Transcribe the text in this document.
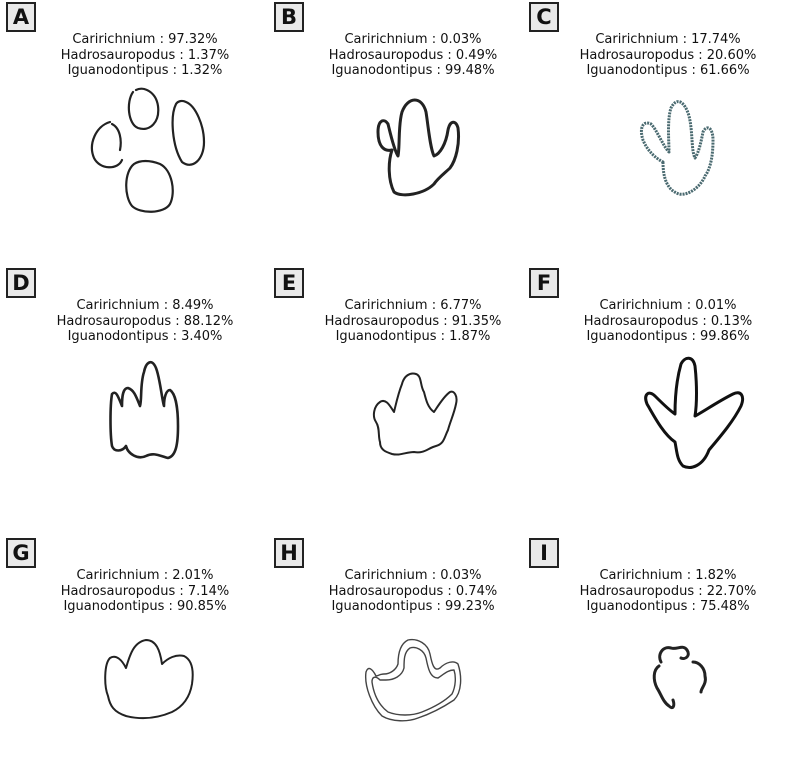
A
Caririchnium : 97.32%
Hadrosauropodus : 1.37%
Iguanodontipus : 1.32%
B
Caririchnium : 0.03%
Hadrosauropodus : 0.49%
Iguanodontipus : 99.48%
C
Caririchnium : 17.74%
Hadrosauropodus : 20.60%
Iguanodontipus : 61.66%
D
Caririchnium : 8.49%
Hadrosauropodus : 88.12%
Iguanodontipus : 3.40%
E
Caririchnium : 6.77%
Hadrosauropodus : 91.35%
Iguanodontipus : 1.87%
F
Caririchnium : 0.01%
Hadrosauropodus : 0.13%
Iguanodontipus : 99.86%
G
Caririchnium : 2.01%
Hadrosauropodus : 7.14%
Iguanodontipus : 90.85%
H
Caririchnium : 0.03%
Hadrosauropodus : 0.74%
Iguanodontipus : 99.23%
I
Caririchnium : 1.82%
Hadrosauropodus : 22.70%
Iguanodontipus : 75.48%
